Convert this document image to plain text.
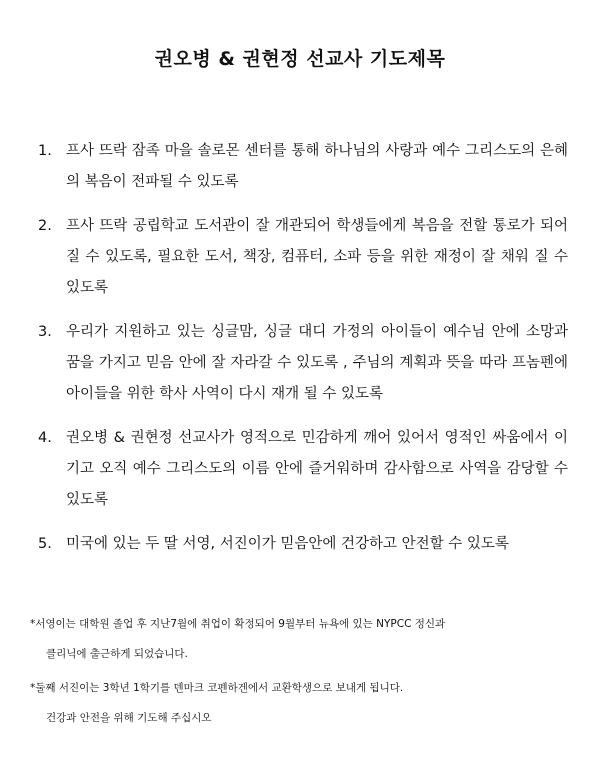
권오병 & 권현정 선교사 기도제목
1. 프사 뜨락 잠족 마을 솔로몬 센터를 통해 하나님의 사랑과 예수 그리스도의 은혜의 복음이 전파될 수 있도록
2. 프사 뜨락 공립학교 도서관이 잘 개관되어 학생들에게 복음을 전할 통로가 되어 질 수 있도록, 필요한 도서, 책장, 컴퓨터, 소파 등을 위한 재정이 잘 채워 질 수 있도록
3. 우리가 지원하고 있는 싱글맘, 싱글 대디 가정의 아이들이 예수님 안에 소망과 꿈을 가지고 믿음 안에 잘 자라갈 수 있도록 , 주님의 계획과 뜻을 따라 프놈펜에 아이들을 위한 학사 사역이 다시 재개 될 수 있도록
4. 권오병 & 권현정 선교사가 영적으로 민감하게 깨어 있어서 영적인 싸움에서 이기고 오직 예수 그리스도의 이름 안에 즐거워하며 감사함으로 사역을 감당할 수 있도록
5. 미국에 있는 두 딸 서영, 서진이가 믿음안에 건강하고 안전할 수 있도록
*서영이는 대학원 졸업 후 지난7월에 취업이 확정되어 9월부터 뉴욕에 있는 NYPCC 정신과
클리닉에 출근하게 되었습니다.
*둘째 서진이는 3학년 1학기를 덴마크 코펜하겐에서 교환학생으로 보내게 됩니다.
건강과 안전을 위해 기도해 주십시오
